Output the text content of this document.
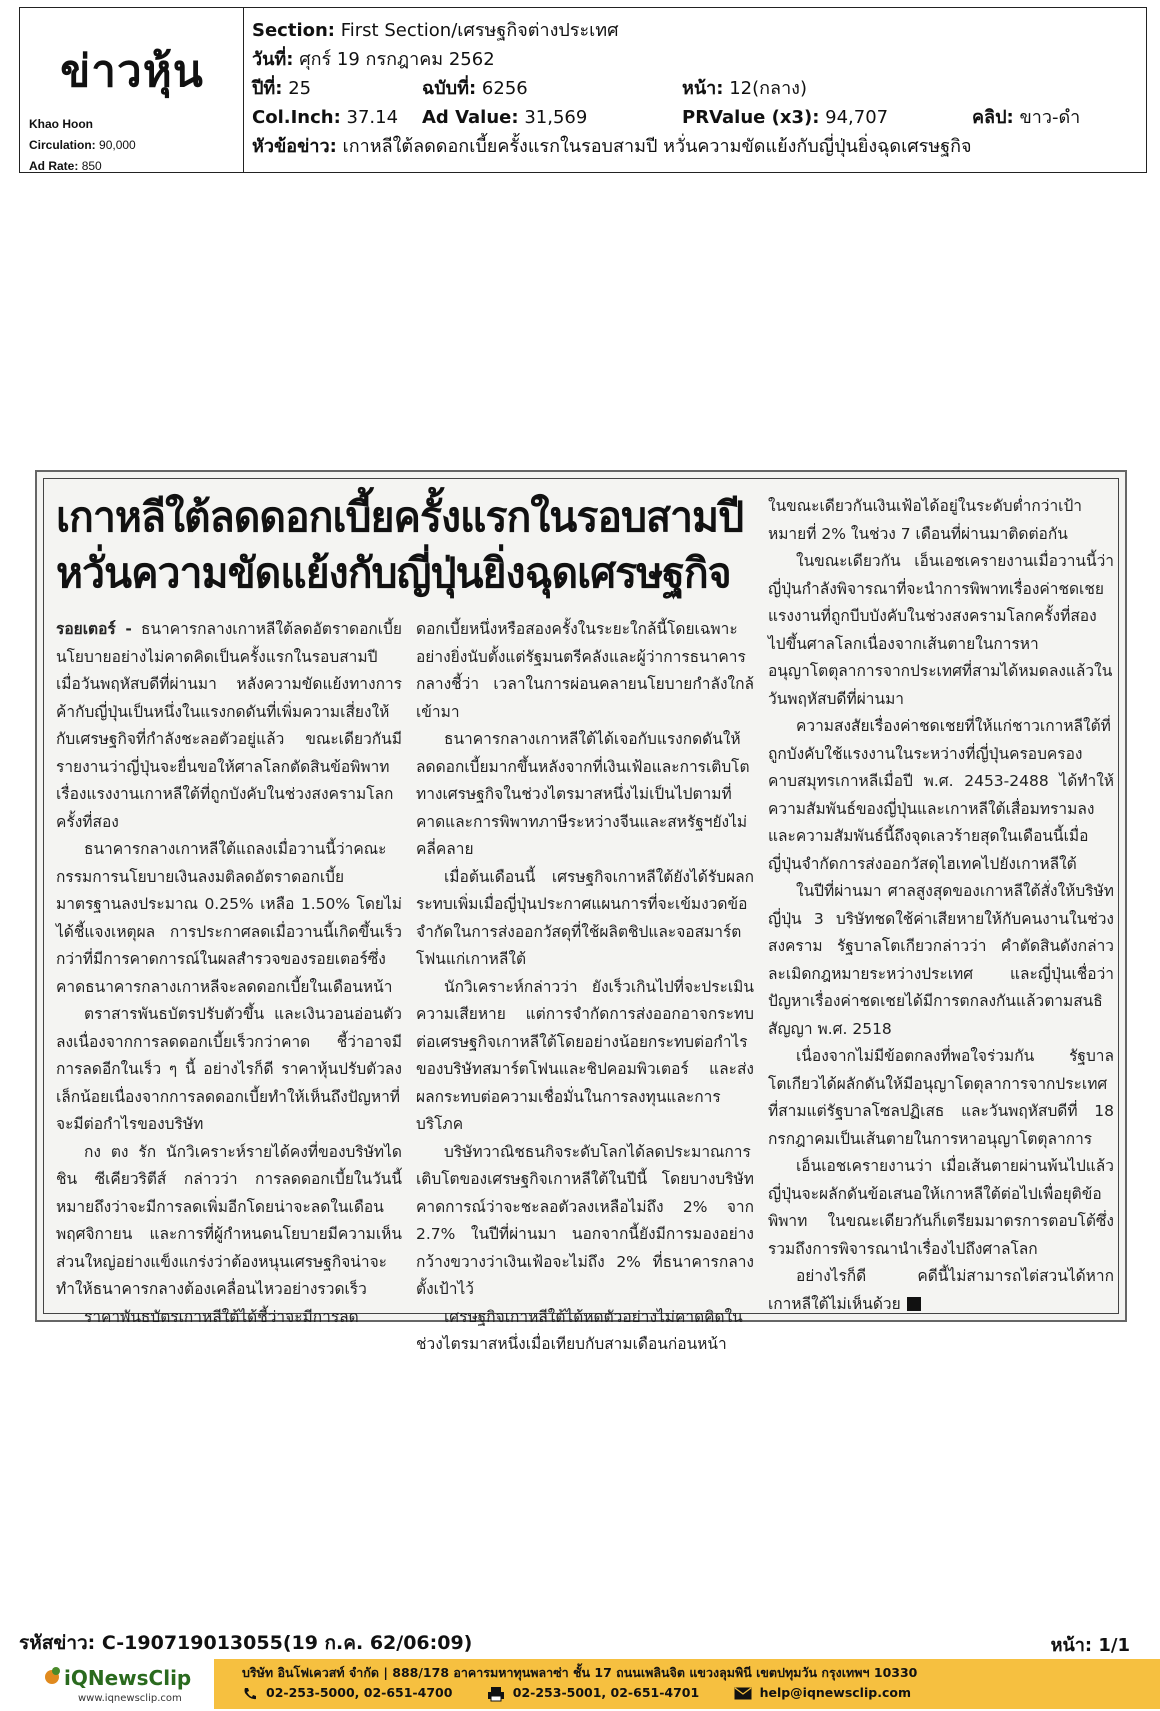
ข่าวหุ้น
Khao Hoon
Circulation: 90,000
Ad Rate: 850
Section: First Section/เศรษฐกิจต่างประเทศ
วันที่: ศุกร์ 19 กรกฎาคม 2562
ปีที่: 25	ฉบับที่: 6256	หน้า: 12(กลาง)
Col.Inch: 37.14 Ad Value: 31,569	PRValue (x3): 94,707	คลิป: ขาว-ดำ
หัวข้อข่าว: เกาหลีใต้ลดดอกเบี้ยครั้งแรกในรอบสามปี หวั่นความขัดแย้งกับญี่ปุ่นยิ่งฉุดเศรษฐกิจ
เกาหลีใต้ลดดอกเบี้ยครั้งแรกในรอบสามปี
หวั่นความขัดแย้งกับญี่ปุ่นยิ่งฉุดเศรษฐกิจ

รอยเตอร์ - ธนาคารกลางเกาหลีใต้ลดอัตราดอกเบี้ยนโยบายอย่างไม่คาดคิดเป็นครั้งแรกในรอบสามปีเมื่อวันพฤหัสบดีที่ผ่านมา หลังความขัดแย้งทางการค้ากับญี่ปุ่นเป็นหนึ่งในแรงกดดันที่เพิ่มความเสี่ยงให้กับเศรษฐกิจที่กำลังชะลอตัวอยู่แล้ว ขณะเดียวกันมีรายงานว่าญี่ปุ่นจะยื่นขอให้ศาลโลกตัดสินข้อพิพาทเรื่องแรงงานเกาหลีใต้ที่ถูกบังคับในช่วงสงครามโลกครั้งที่สอง

ธนาคารกลางเกาหลีใต้แถลงเมื่อวานนี้ว่าคณะกรรมการนโยบายเงินลงมติลดอัตราดอกเบี้ยมาตรฐานลงประมาณ 0.25% เหลือ 1.50% โดยไม่ได้ชี้แจงเหตุผล การประกาศลดเมื่อวานนี้เกิดขึ้นเร็วกว่าที่มีการคาดการณ์ในผลสำรวจของรอยเตอร์ซึ่งคาดธนาคารกลางเกาหลีจะลดดอกเบี้ยในเดือนหน้า

ตราสารพันธบัตรปรับตัวขึ้น และเงินวอนอ่อนตัวลงเนื่องจากการลดดอกเบี้ยเร็วกว่าคาด ชี้ว่าอาจมีการลดอีกในเร็ว ๆ นี้ อย่างไรก็ดี ราคาหุ้นปรับตัวลงเล็กน้อยเนื่องจากการลดดอกเบี้ยทำให้เห็นถึงปัญหาที่จะมีต่อกำไรของบริษัท

กง ตง รัก นักวิเคราะห์รายได้คงที่ของบริษัทไดชิน ซีเคียวริตีส์ กล่าวว่า การลดดอกเบี้ยในวันนี้หมายถึงว่าจะมีการลดเพิ่มอีกโดยน่าจะลดในเดือนพฤศจิกายน และการที่ผู้กำหนดนโยบายมีความเห็นส่วนใหญ่อย่างแข็งแกร่งว่าต้องหนุนเศรษฐกิจน่าจะทำให้ธนาคารกลางต้องเคลื่อนไหวอย่างรวดเร็ว

ราคาพันธบัตรเกาหลีใต้ได้ชี้ว่าจะมีการลด

ดอกเบี้ยหนึ่งหรือสองครั้งในระยะใกล้นี้โดยเฉพาะอย่างยิ่งนับตั้งแต่รัฐมนตรีคลังและผู้ว่าการธนาคารกลางชี้ว่า เวลาในการผ่อนคลายนโยบายกำลังใกล้เข้ามา

ธนาคารกลางเกาหลีใต้ได้เจอกับแรงกดดันให้ลดดอกเบี้ยมากขึ้นหลังจากที่เงินเฟ้อและการเติบโตทางเศรษฐกิจในช่วงไตรมาสหนึ่งไม่เป็นไปตามที่คาดและการพิพาทภาษีระหว่างจีนและสหรัฐฯยังไม่คลี่คลาย

เมื่อต้นเดือนนี้ เศรษฐกิจเกาหลีใต้ยังได้รับผลกระทบเพิ่มเมื่อญี่ปุ่นประกาศแผนการที่จะเข้มงวดข้อจำกัดในการส่งออกวัสดุที่ใช้ผลิตชิปและจอสมาร์ตโฟนแก่เกาหลีใต้

นักวิเคราะห์กล่าวว่า ยังเร็วเกินไปที่จะประเมินความเสียหาย แต่การจำกัดการส่งออกอาจกระทบต่อเศรษฐกิจเกาหลีใต้โดยอย่างน้อยกระทบต่อกำไรของบริษัทสมาร์ตโฟนและชิปคอมพิวเตอร์ และส่งผลกระทบต่อความเชื่อมั่นในการลงทุนและการบริโภค

บริษัทวาณิชธนกิจระดับโลกได้ลดประมาณการเติบโตของเศรษฐกิจเกาหลีใต้ในปีนี้ โดยบางบริษัทคาดการณ์ว่าจะชะลอตัวลงเหลือไม่ถึง 2% จาก 2.7% ในปีที่ผ่านมา นอกจากนี้ยังมีการมองอย่างกว้างขวางว่าเงินเฟ้อจะไม่ถึง 2% ที่ธนาคารกลางตั้งเป้าไว้

เศรษฐกิจเกาหลีใต้ได้หดตัวอย่างไม่คาดคิดในช่วงไตรมาสหนึ่งเมื่อเทียบกับสามเดือนก่อนหน้า

ในขณะเดียวกันเงินเฟ้อได้อยู่ในระดับต่ำกว่าเป้าหมายที่ 2% ในช่วง 7 เดือนที่ผ่านมาติดต่อกัน

ในขณะเดียวกัน เอ็นเอชเครายงานเมื่อวานนี้ว่า ญี่ปุ่นกำลังพิจารณาที่จะนำการพิพาทเรื่องค่าชดเชยแรงงานที่ถูกบีบบังคับในช่วงสงครามโลกครั้งที่สองไปขึ้นศาลโลกเนื่องจากเส้นตายในการหาอนุญาโตตุลาการจากประเทศที่สามได้หมดลงแล้วในวันพฤหัสบดีที่ผ่านมา

ความสงสัยเรื่องค่าชดเชยที่ให้แก่ชาวเกาหลีใต้ที่ถูกบังคับใช้แรงงานในระหว่างที่ญี่ปุ่นครอบครองคาบสมุทรเกาหลีเมื่อปี พ.ศ. 2453-2488 ได้ทำให้ความสัมพันธ์ของญี่ปุ่นและเกาหลีใต้เสื่อมทรามลงและความสัมพันธ์นี้ถึงจุดเลวร้ายสุดในเดือนนี้เมื่อญี่ปุ่นจำกัดการส่งออกวัสดุไฮเทคไปยังเกาหลีใต้

ในปีที่ผ่านมา ศาลสูงสุดของเกาหลีใต้สั่งให้บริษัทญี่ปุ่น 3 บริษัทชดใช้ค่าเสียหายให้กับคนงานในช่วงสงคราม รัฐบาลโตเกียวกล่าวว่า คำตัดสินดังกล่าวละเมิดกฎหมายระหว่างประเทศ และญี่ปุ่นเชื่อว่าปัญหาเรื่องค่าชดเชยได้มีการตกลงกันแล้วตามสนธิสัญญา พ.ศ. 2518

เนื่องจากไม่มีข้อตกลงที่พอใจร่วมกัน รัฐบาลโตเกียวได้ผลักดันให้มีอนุญาโตตุลาการจากประเทศที่สามแต่รัฐบาลโซลปฏิเสธ และวันพฤหัสบดีที่ 18 กรกฎาคมเป็นเส้นตายในการหาอนุญาโตตุลาการ

เอ็นเอชเครายงานว่า เมื่อเส้นตายผ่านพ้นไปแล้ว ญี่ปุ่นจะผลักดันข้อเสนอให้เกาหลีใต้ต่อไปเพื่อยุติข้อพิพาท ในขณะเดียวกันก็เตรียมมาตรการตอบโต้ซึ่งรวมถึงการพิจารณานำเรื่องไปถึงศาลโลก

อย่างไรก็ดี คดีนี้ไม่สามารถไต่สวนได้หากเกาหลีใต้ไม่เห็นด้วย

รหัสข่าว: C-190719013055(19 ก.ค. 62/06:09)	หน้า: 1/1
iQNewsClip
www.iqnewsclip.com
บริษัท อินโฟเควสท์ จำกัด | 888/178 อาคารมหาทุนพลาซ่า ชั้น 17 ถนนเพลินจิต แขวงลุมพินี เขตปทุมวัน กรุงเทพฯ 10330
02-253-5000, 02-651-4700	02-253-5001, 02-651-4701	help@iqnewsclip.com
